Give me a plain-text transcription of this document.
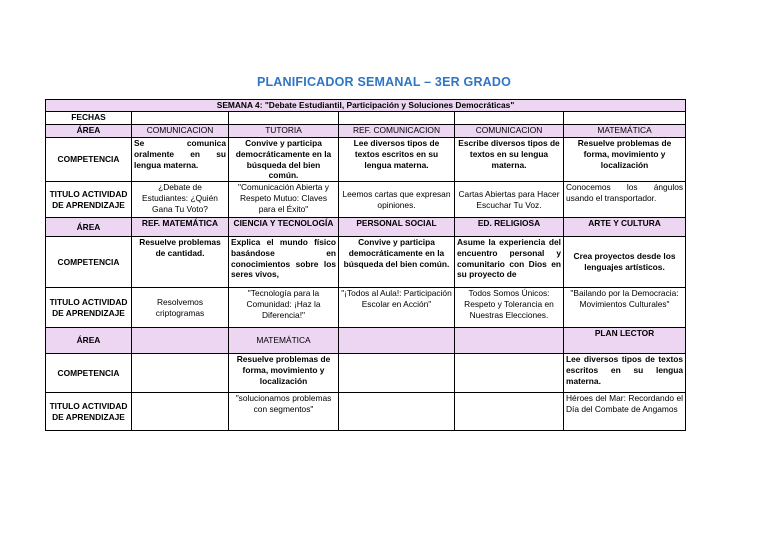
PLANIFICADOR SEMANAL – 3ER GRADO
SEMANA 4: "Debate Estudiantil, Participación y Soluciones Democráticas"					
FECHAS					
ÁREA	COMUNICACION	TUTORIA	REF. COMUNICACION	COMUNICACION	MATEMÁTICA
COMPETENCIA	Se comunica oralmente en su lengua materna.	Convive y participa democráticamente en la búsqueda del bien común.	Lee diversos tipos de textos escritos en su lengua materna.	Escribe diversos tipos de textos en su lengua materna.	Resuelve problemas de forma, movimiento y localización
TITULO ACTIVIDAD DE APRENDIZAJE	¿Debate de Estudiantes: ¿Quién Gana Tu Voto?	"Comunicación Abierta y Respeto Mutuo: Claves para el Éxito"	Leemos cartas que expresan opiniones.	Cartas Abiertas para Hacer Escuchar Tu Voz.	Conocemos los ángulos usando el transportador.
ÁREA	REF. MATEMÁTICA	CIENCIA Y TECNOLOGÍA	PERSONAL SOCIAL	ED. RELIGIOSA	ARTE Y CULTURA
COMPETENCIA	Resuelve problemas de cantidad.	Explica el mundo físico basándose en conocimientos sobre los seres vivos,	Convive y participa democráticamente en la búsqueda del bien común.	Asume la experiencia del encuentro personal y comunitario con Dios en su proyecto de	Crea proyectos desde los lenguajes artísticos.
TITULO ACTIVIDAD DE APRENDIZAJE	Resolvemos criptogramas	"Tecnología para la Comunidad: ¡Haz la Diferencia!"	"¡Todos al Aula!: Participación Escolar en Acción"	Todos Somos Únicos: Respeto y Tolerancia en Nuestras Elecciones.	"Bailando por la Democracia: Movimientos Culturales"
ÁREA		MATEMÁTICA			PLAN LECTOR
COMPETENCIA		Resuelve problemas de forma, movimiento y localización			Lee diversos tipos de textos escritos en su lengua materna.
TITULO ACTIVIDAD DE APRENDIZAJE		"solucionamos problemas con segmentos"			Héroes del Mar: Recordando el Día del Combate de Angamos
